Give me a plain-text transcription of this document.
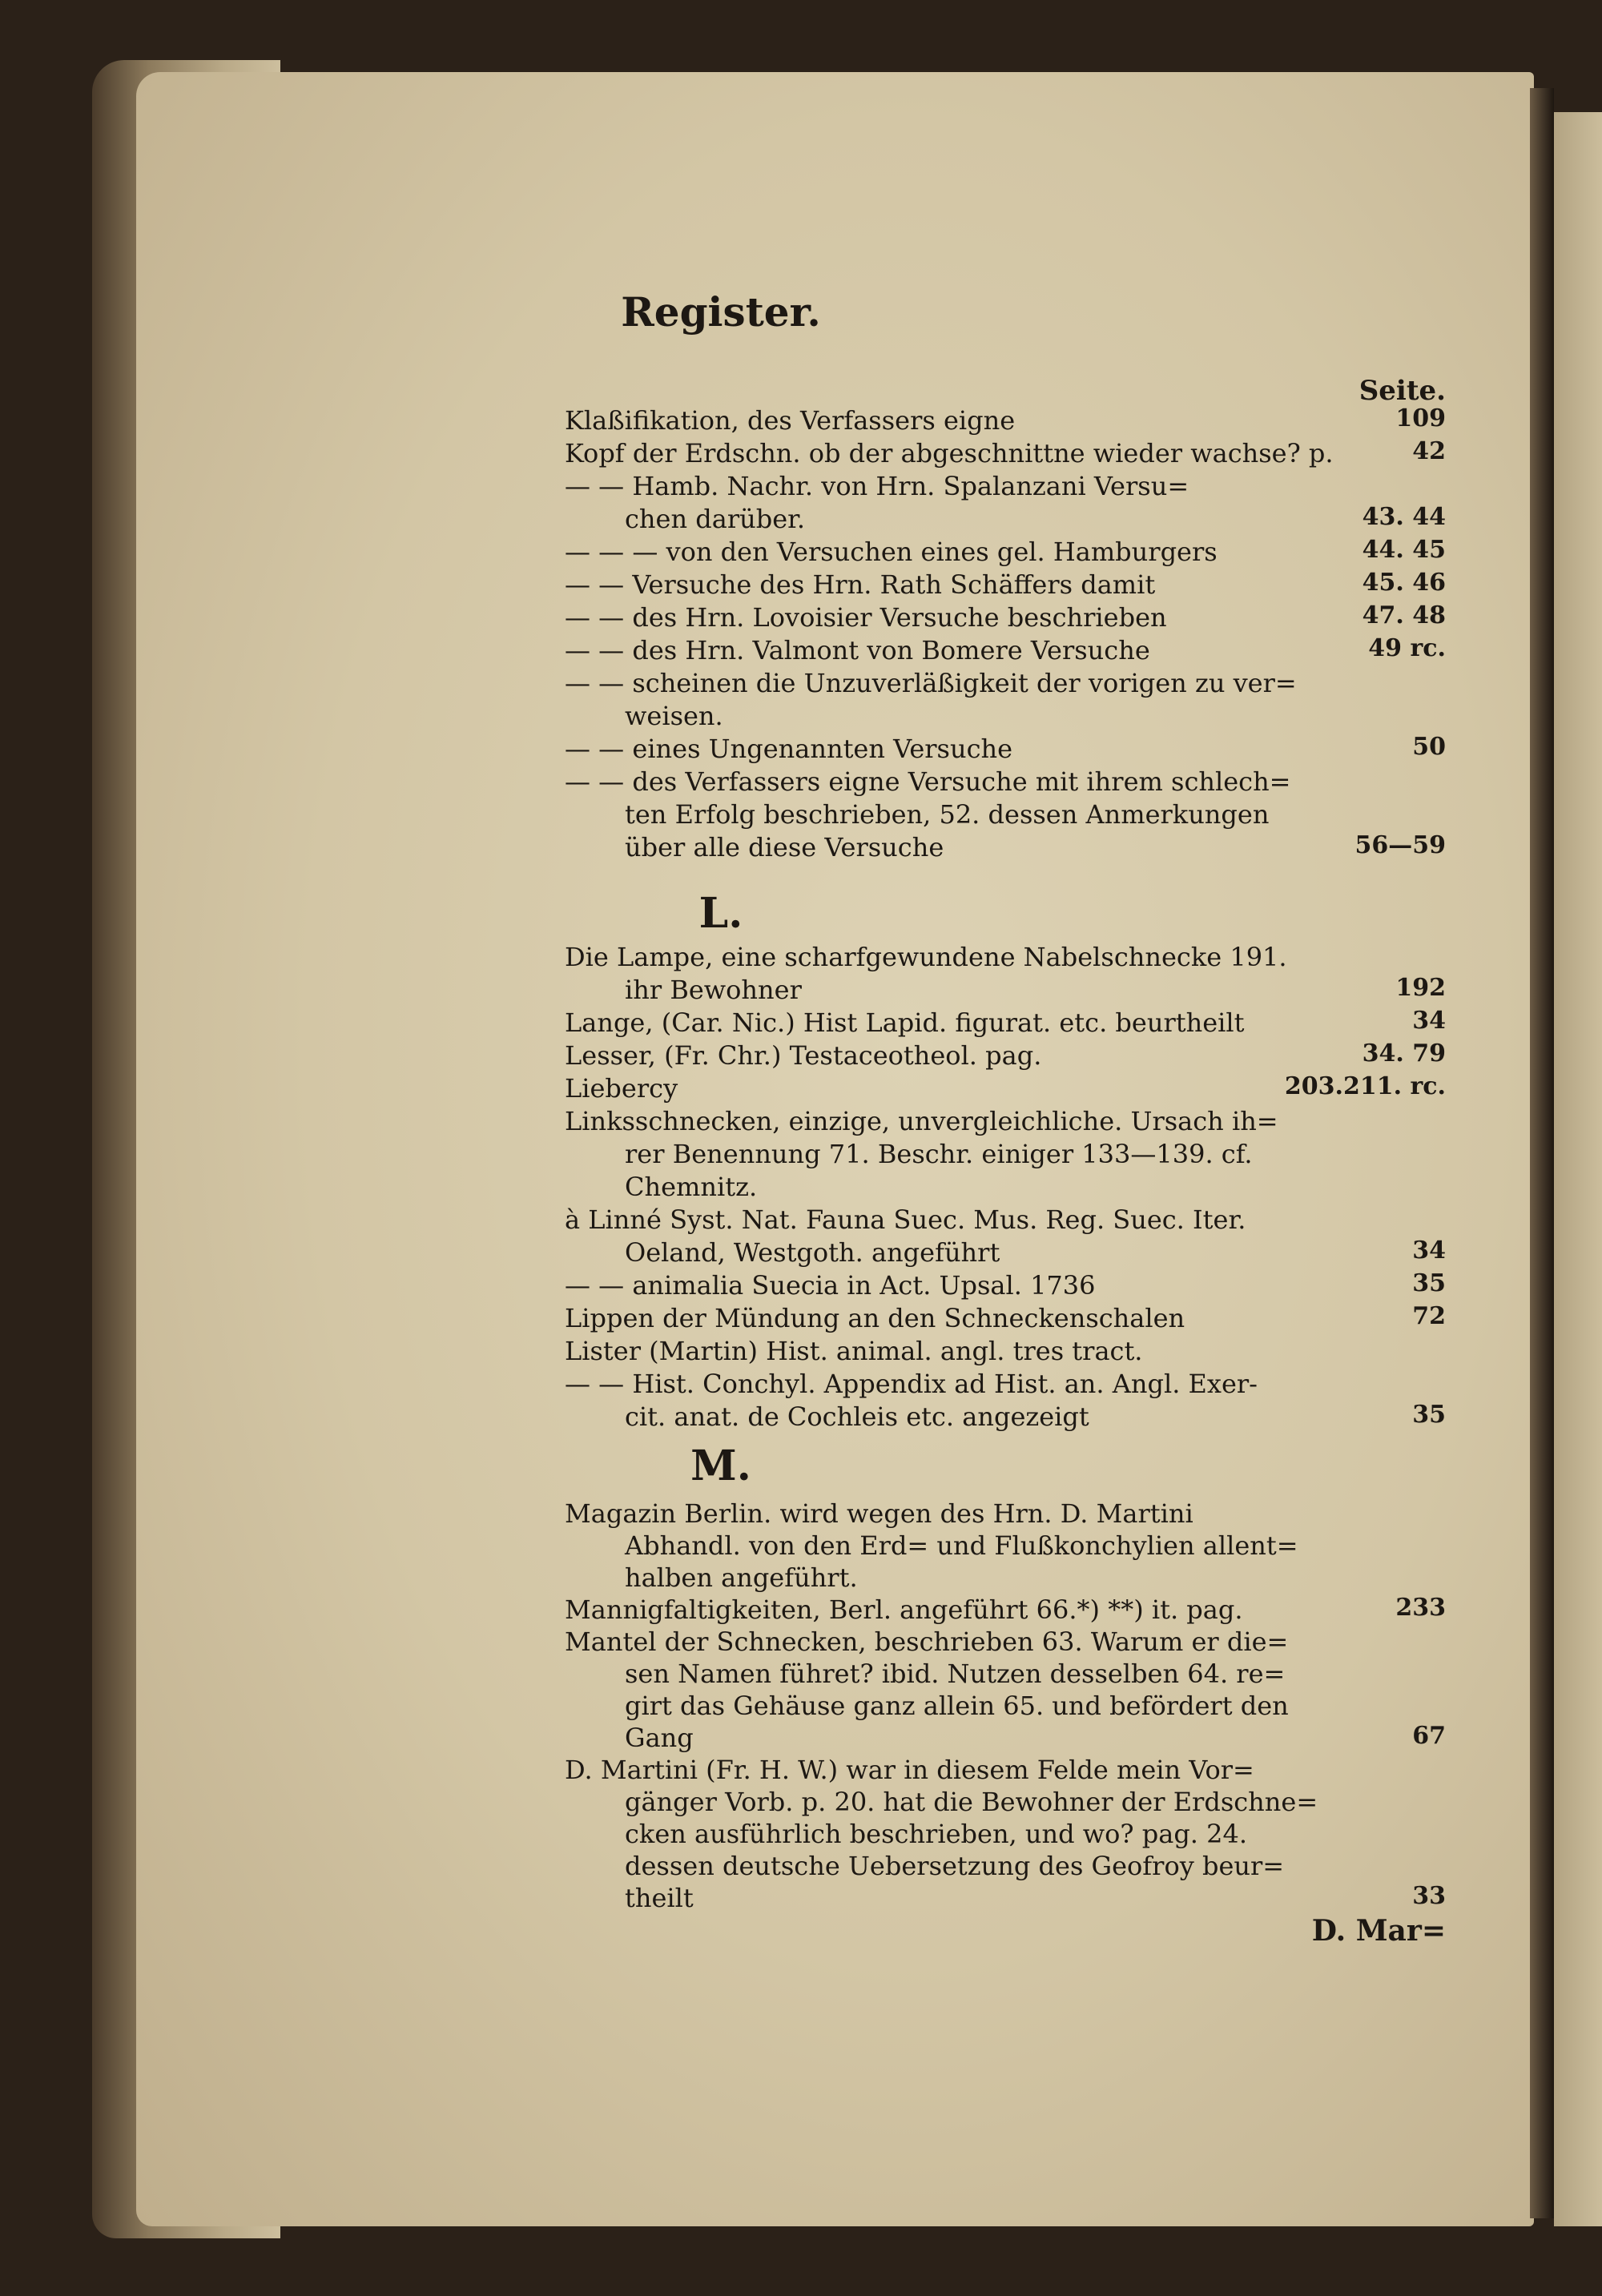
Register.
Seite.
Klaßifikation, des Verfassers eigne	109
Kopf der Erdschn. ob der abgeschnittne wieder wachse? p.	42
— — Hamb. Nachr. von Hrn. Spalanzani Versu=
chen darüber.	43. 44
— — — von den Versuchen eines gel. Hamburgers	44. 45
— — Versuche des Hrn. Rath Schäffers damit	45. 46
— — des Hrn. Lovoisier Versuche beschrieben	47. 48
— — des Hrn. Valmont von Bomere Versuche	49 rc.
— — scheinen die Unzuverläßigkeit der vorigen zu ver=
weisen.
— — eines Ungenannten Versuche	50
— — des Verfassers eigne Versuche mit ihrem schlech=
ten Erfolg beschrieben, 52. dessen Anmerkungen
über alle diese Versuche	56—59
L.
Die Lampe, eine scharfgewundene Nabelschnecke 191.
ihr Bewohner	192
Lange, (Car. Nic.) Hist Lapid. figurat. etc. beurtheilt	34
Lesser, (Fr. Chr.) Testaceotheol. pag.	34. 79
Liebercy	203.211. rc.
Linksschnecken, einzige, unvergleichliche. Ursach ih=
rer Benennung 71. Beschr. einiger 133—139. cf.
Chemnitz.
à Linné Syst. Nat. Fauna Suec. Mus. Reg. Suec. Iter.
Oeland, Westgoth. angeführt	34
— — animalia Suecia in Act. Upsal. 1736	35
Lippen der Mündung an den Schneckenschalen	72
Lister (Martin) Hist. animal. angl. tres tract.
— — Hist. Conchyl. Appendix ad Hist. an. Angl. Exer-
cit. anat. de Cochleis etc. angezeigt	35
M.
Magazin Berlin. wird wegen des Hrn. D. Martini
Abhandl. von den Erd= und Flußkonchylien allent=
halben angeführt.
Mannigfaltigkeiten, Berl. angeführt 66.*) **) it. pag.	233
Mantel der Schnecken, beschrieben 63. Warum er die=
sen Namen führet? ibid. Nutzen desselben 64. re=
girt das Gehäuse ganz allein 65. und befördert den
Gang	67
D. Martini (Fr. H. W.) war in diesem Felde mein Vor=
gänger Vorb. p. 20. hat die Bewohner der Erdschne=
cken ausführlich beschrieben, und wo? pag. 24.
dessen deutsche Uebersetzung des Geofroy beur=
theilt	33
D. Mar=
